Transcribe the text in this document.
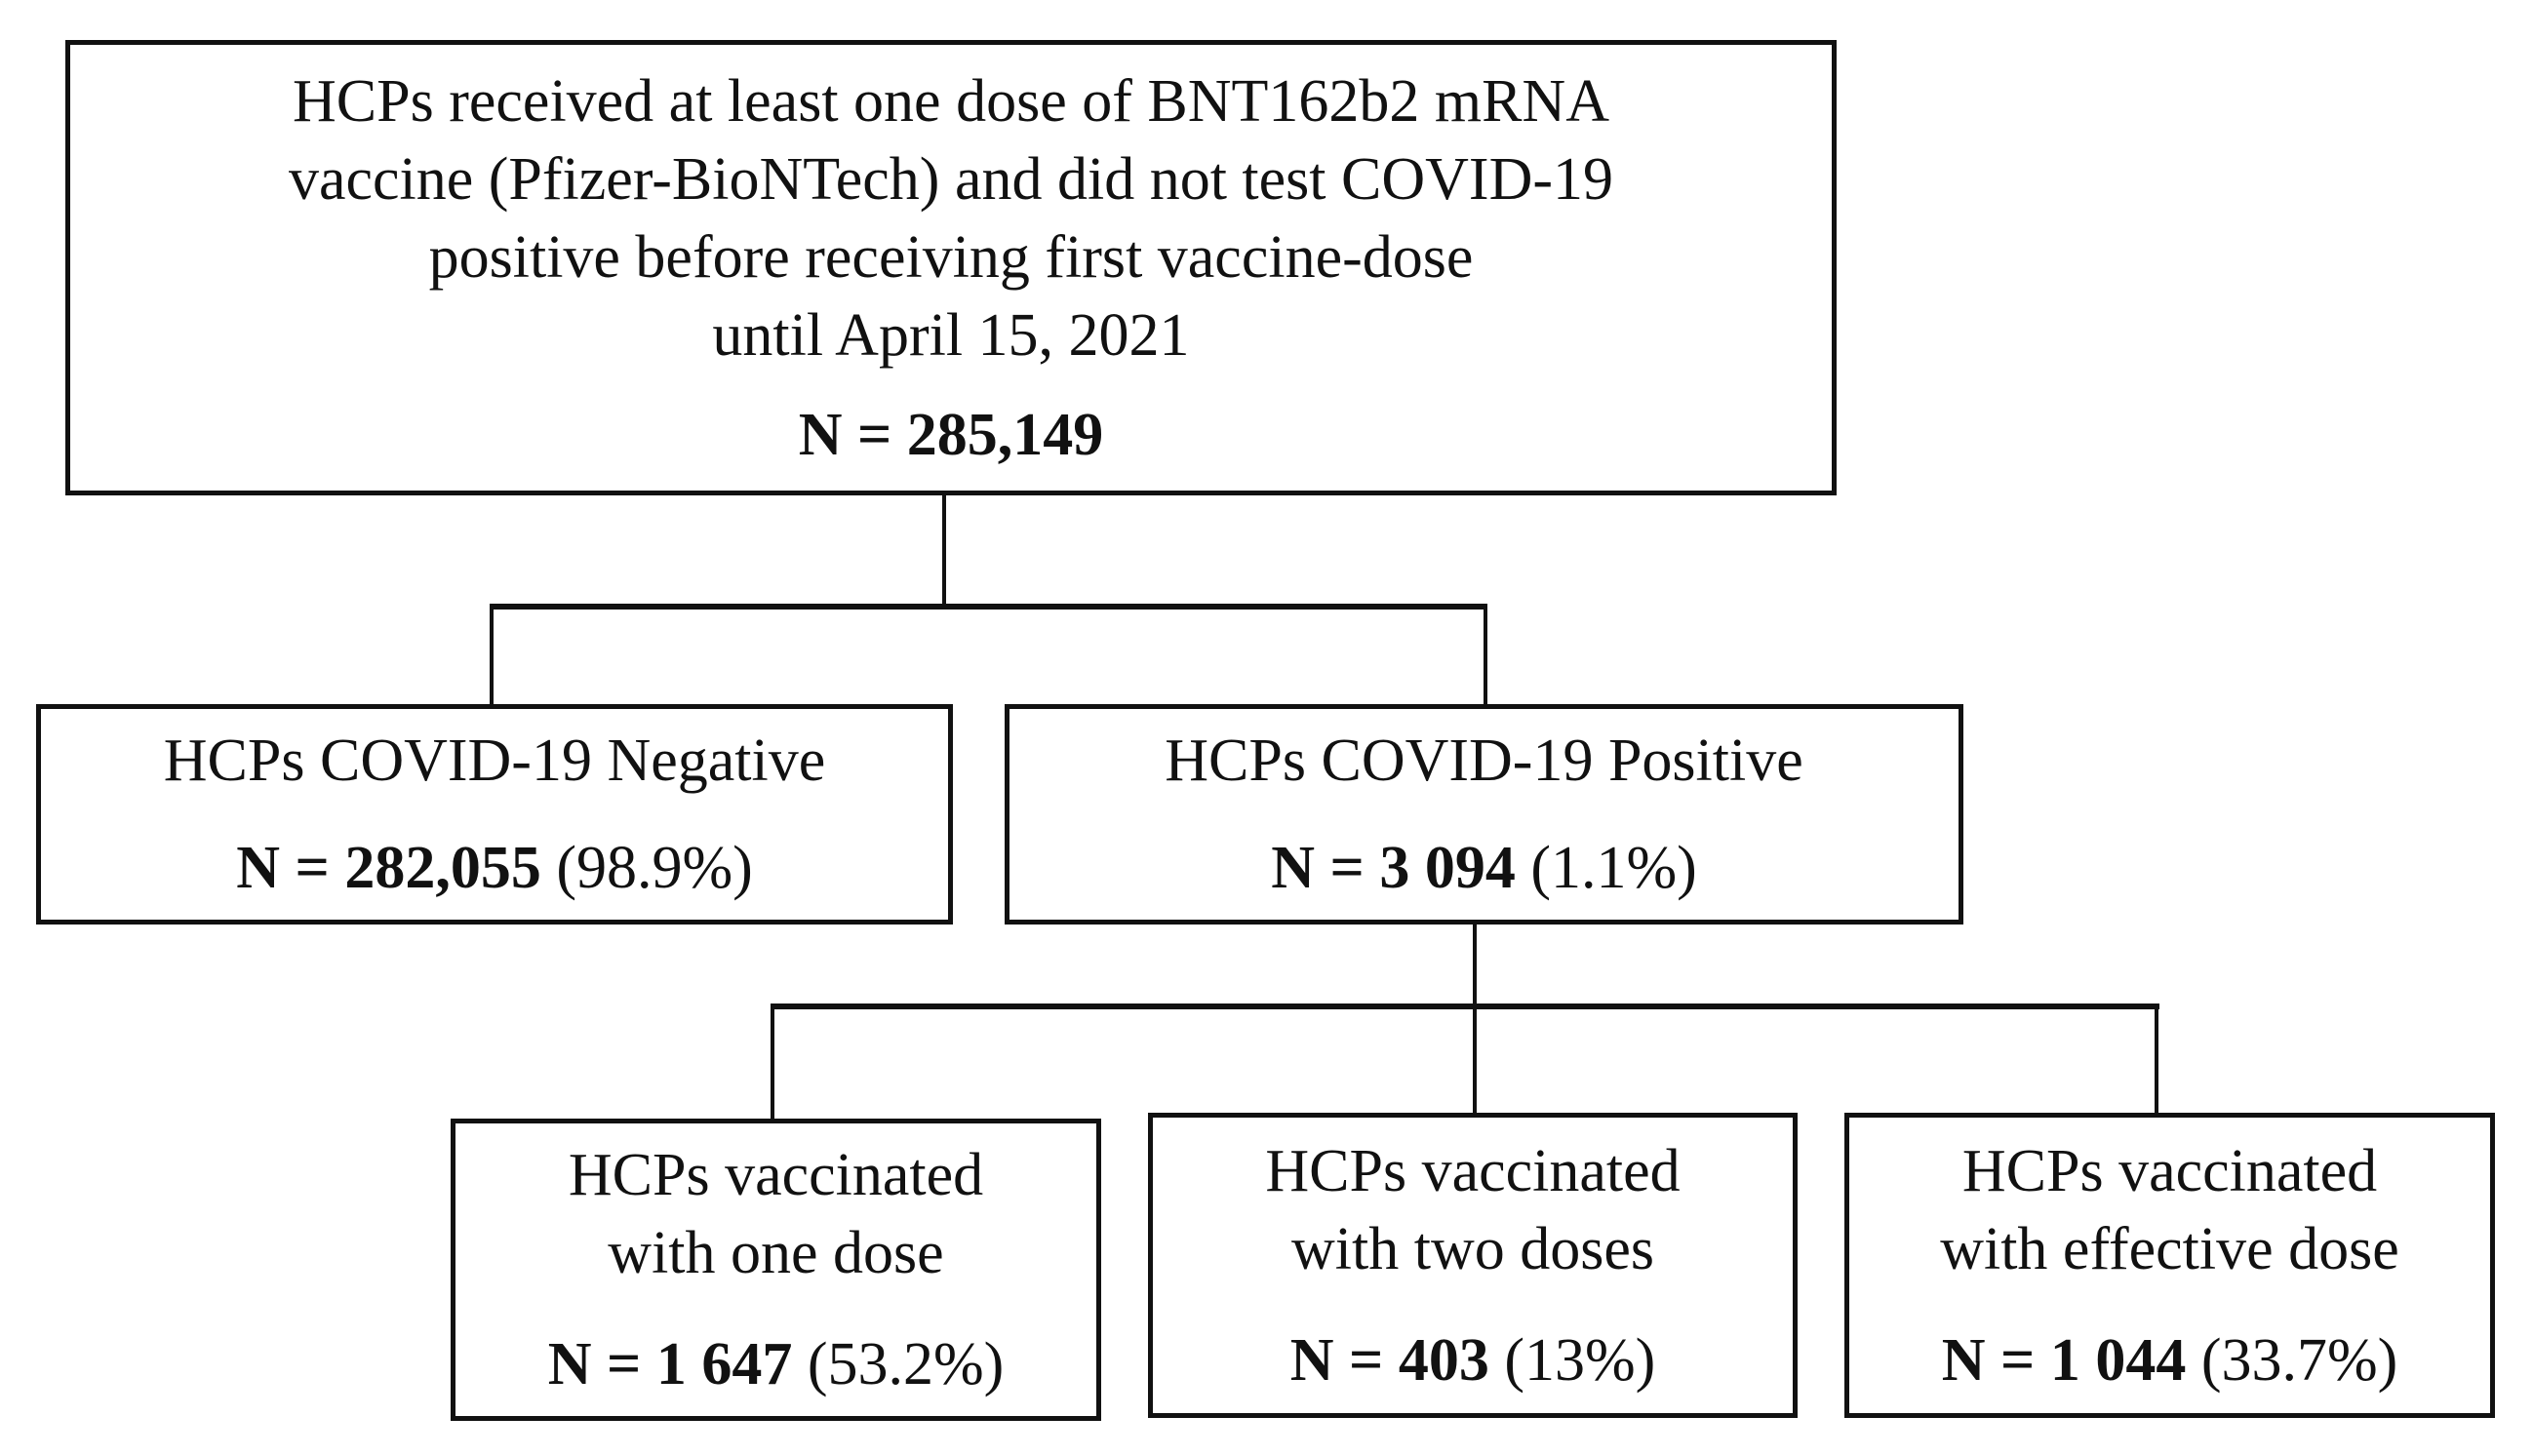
HCPs received at least one dose of BNT162b2 mRNA
vaccine (Pfizer-BioNTech) and did not test COVID-19
positive before receiving first vaccine-dose
until April 15, 2021
N = 285,149
HCPs COVID-19 Negative
N = 282,055 (98.9%)
HCPs COVID-19 Positive
N = 3 094 (1.1%)
HCPs vaccinated
with one dose
N = 1 647 (53.2%)
HCPs vaccinated
with two doses
N = 403 (13%)
HCPs vaccinated
with effective dose
N = 1 044 (33.7%)
